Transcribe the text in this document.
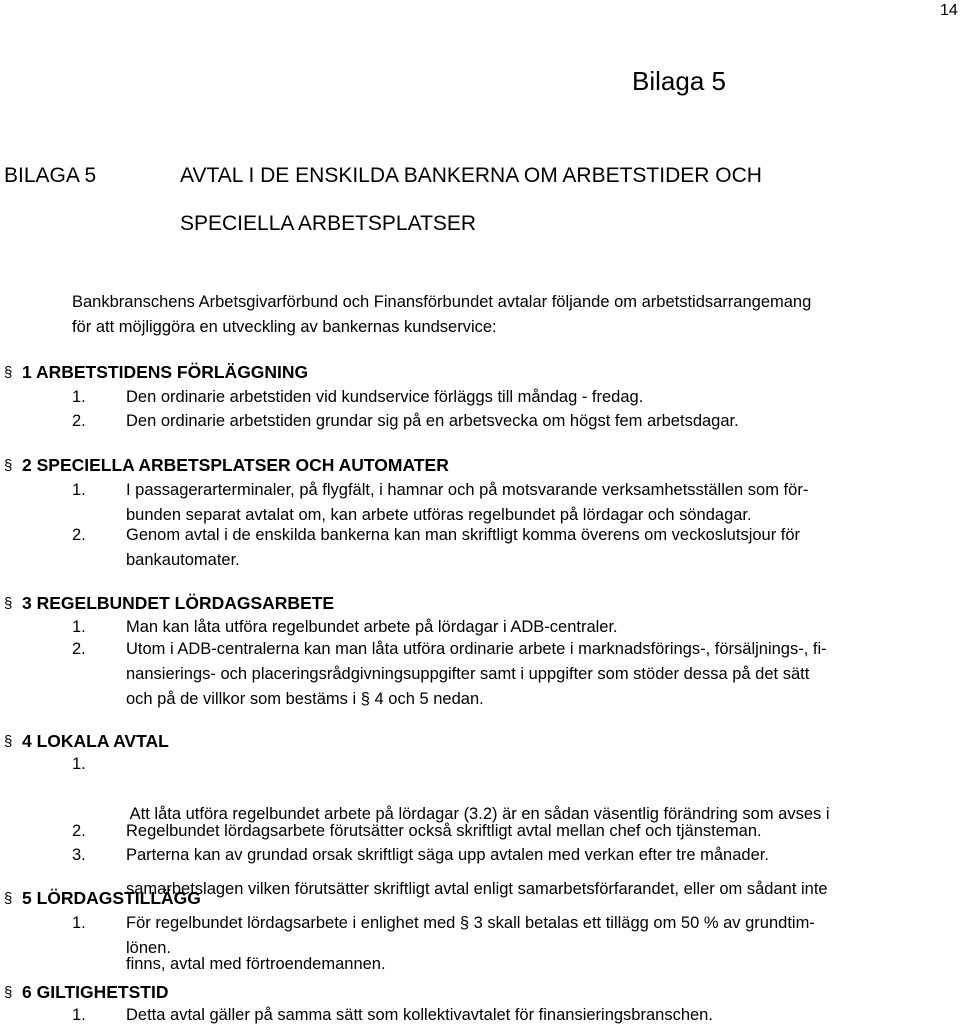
14
Bilaga 5
BILAGA 5	AVTAL I DE ENSKILDA BANKERNA OM ARBETSTIDER OCH
SPECIELLA ARBETSPLATSER
Bankbranschens Arbetsgivarförbund och Finansförbundet avtalar följande om arbetstidsarrangemang
för att möjliggöra en utveckling av bankernas kundservice:
§ 1 ARBETSTIDENS FÖRLÄGGNING
1.	Den ordinarie arbetstiden vid kundservice förläggs till måndag - fredag.
2.	Den ordinarie arbetstiden grundar sig på en arbetsvecka om högst fem arbetsdagar.
§ 2 SPECIELLA ARBETSPLATSER OCH AUTOMATER
1.	I passagerarterminaler, på flygfält, i hamnar och på motsvarande verksamhetsställen som för-
bunden separat avtalat om, kan arbete utföras regelbundet på lördagar och söndagar.
2.	Genom avtal i de enskilda bankerna kan man skriftligt komma överens om veckoslutsjour för
bankautomater.
§ 3 REGELBUNDET LÖRDAGSARBETE
1.	Man kan låta utföra regelbundet arbete på lördagar i ADB-centraler.
2.	Utom i ADB-centralerna kan man låta utföra ordinarie arbete i marknadsförings-, försäljnings-, fi-
nansierings- och placeringsrådgivningsuppgifter samt i uppgifter som stöder dessa på det sätt
och på de villkor som bestäms i § 4 och 5 nedan.
§ 4 LOKALA AVTAL
1.

Att låta utföra regelbundet arbete på lördagar (3.2) är en sådan väsentlig förändring som avses i

samarbetslagen vilken förutsätter skriftligt avtal enligt samarbetsförfarandet, eller om sådant inte

finns, avtal med förtroendemannen.

2.	Regelbundet lördagsarbete förutsätter också skriftligt avtal mellan chef och tjänsteman.
3.	Parterna kan av grundad orsak skriftligt säga upp avtalen med verkan efter tre månader.
§ 5 LÖRDAGSTILLÄGG
1.	För regelbundet lördagsarbete i enlighet med § 3 skall betalas ett tillägg om 50 % av grundtim-
lönen.
§ 6 GILTIGHETSTID
1.	Detta avtal gäller på samma sätt som kollektivavtalet för finansieringsbranschen.
